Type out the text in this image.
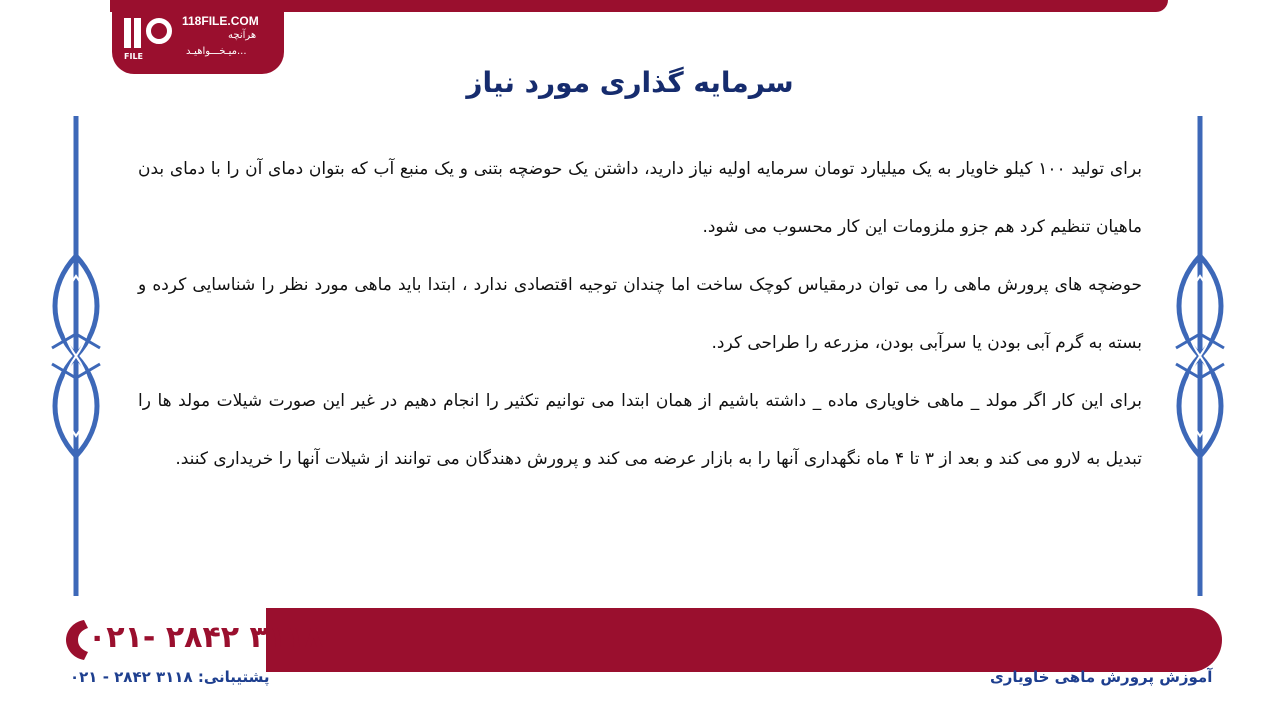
FILE
118FILE.COM
هرآنچه
میـخـــواهیـد...
سرمایه گذاری مورد نیاز

برای تولید ۱۰۰ کیلو خاویار به یک میلیارد تومان سرمایه اولیه نیاز دارید، داشتن یک حوضچه بتنی و یک منبع آب که بتوان دمای آن را با دمای بدن ماهیان تنظیم کرد هم جزو ملزومات این کار محسوب می شود.

حوضچه های پرورش ماهی را می توان درمقیاس کوچک ساخت اما چندان توجیه اقتصادی ندارد ، ابتدا باید ماهی مورد نظر را شناسایی کرده و بسته به گرم آبی بودن یا سرآبی بودن، مزرعه را طراحی کرد.

برای این کار اگر مولد _ ماهی خاویاری ماده _ داشته باشیم از همان ابتدا می توانیم تکثیر را انجام دهیم در غیر این صورت شیلات مولد ها را تبدیل به لارو می کند و بعد از ۳ تا ۴ ماه نگهداری آنها را به بازار عرضه می کند و پرورش دهندگان می توانند از شیلات آنها را خریداری کنند.

۰۲۱- ۲۸۴۲ ۳۱۱۸
پشتیبانی: ۳۱۱۸ ۲۸۴۲ - ۰۲۱	آموزش پرورش ماهی خاویاری
